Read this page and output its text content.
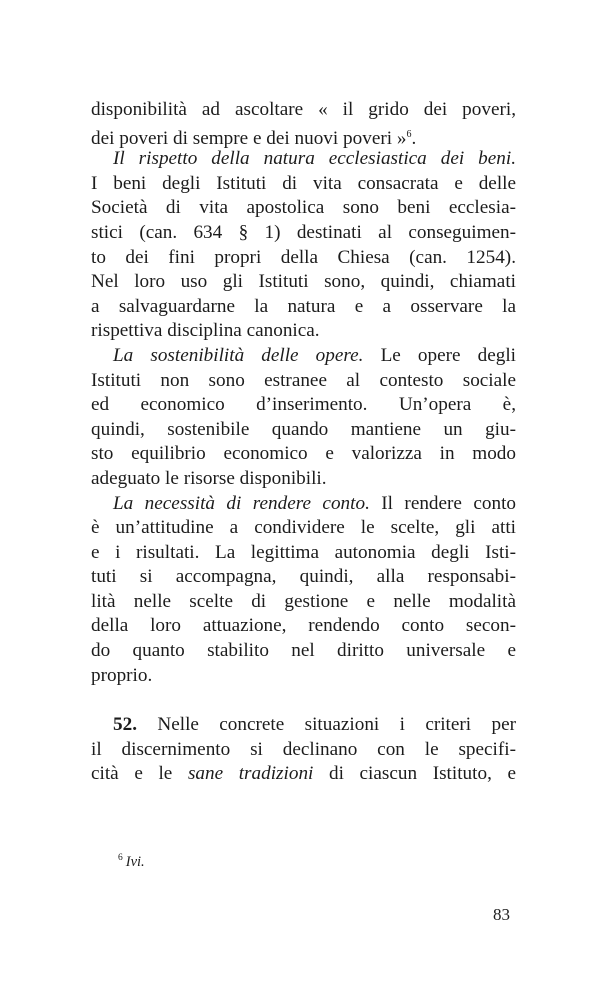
disponibilità ad ascoltare « il grido dei poveri,
dei poveri di sempre e dei nuovi poveri »$^6$.
Il rispetto della natura ecclesiastica dei beni.
I beni degli Istituti di vita consacrata e delle
Società di vita apostolica sono beni ecclesia-
stici (can. 634 § 1) destinati al conseguimen-
to dei fini propri della Chiesa (can. 1254).
Nel loro uso gli Istituti sono, quindi, chiamati
a salvaguardarne la natura e a osservare la
rispettiva disciplina canonica.
La sostenibilità delle opere. Le opere degli
Istituti non sono estranee al contesto sociale
ed economico d’inserimento. Un’opera è,
quindi, sostenibile quando mantiene un giu-
sto equilibrio economico e valorizza in modo
adeguato le risorse disponibili.
La necessità di rendere conto. Il rendere conto
è un’attitudine a condividere le scelte, gli atti
e i risultati. La legittima autonomia degli Isti-
tuti si accompagna, quindi, alla responsabi-
lità nelle scelte di gestione e nelle modalità
della loro attuazione, rendendo conto secon-
do quanto stabilito nel diritto universale e
proprio.
52. Nelle concrete situazioni i criteri per
il discernimento si declinano con le specifi-
cità e le sane tradizioni di ciascun Istituto, e
$^6$ Ivi.
83
